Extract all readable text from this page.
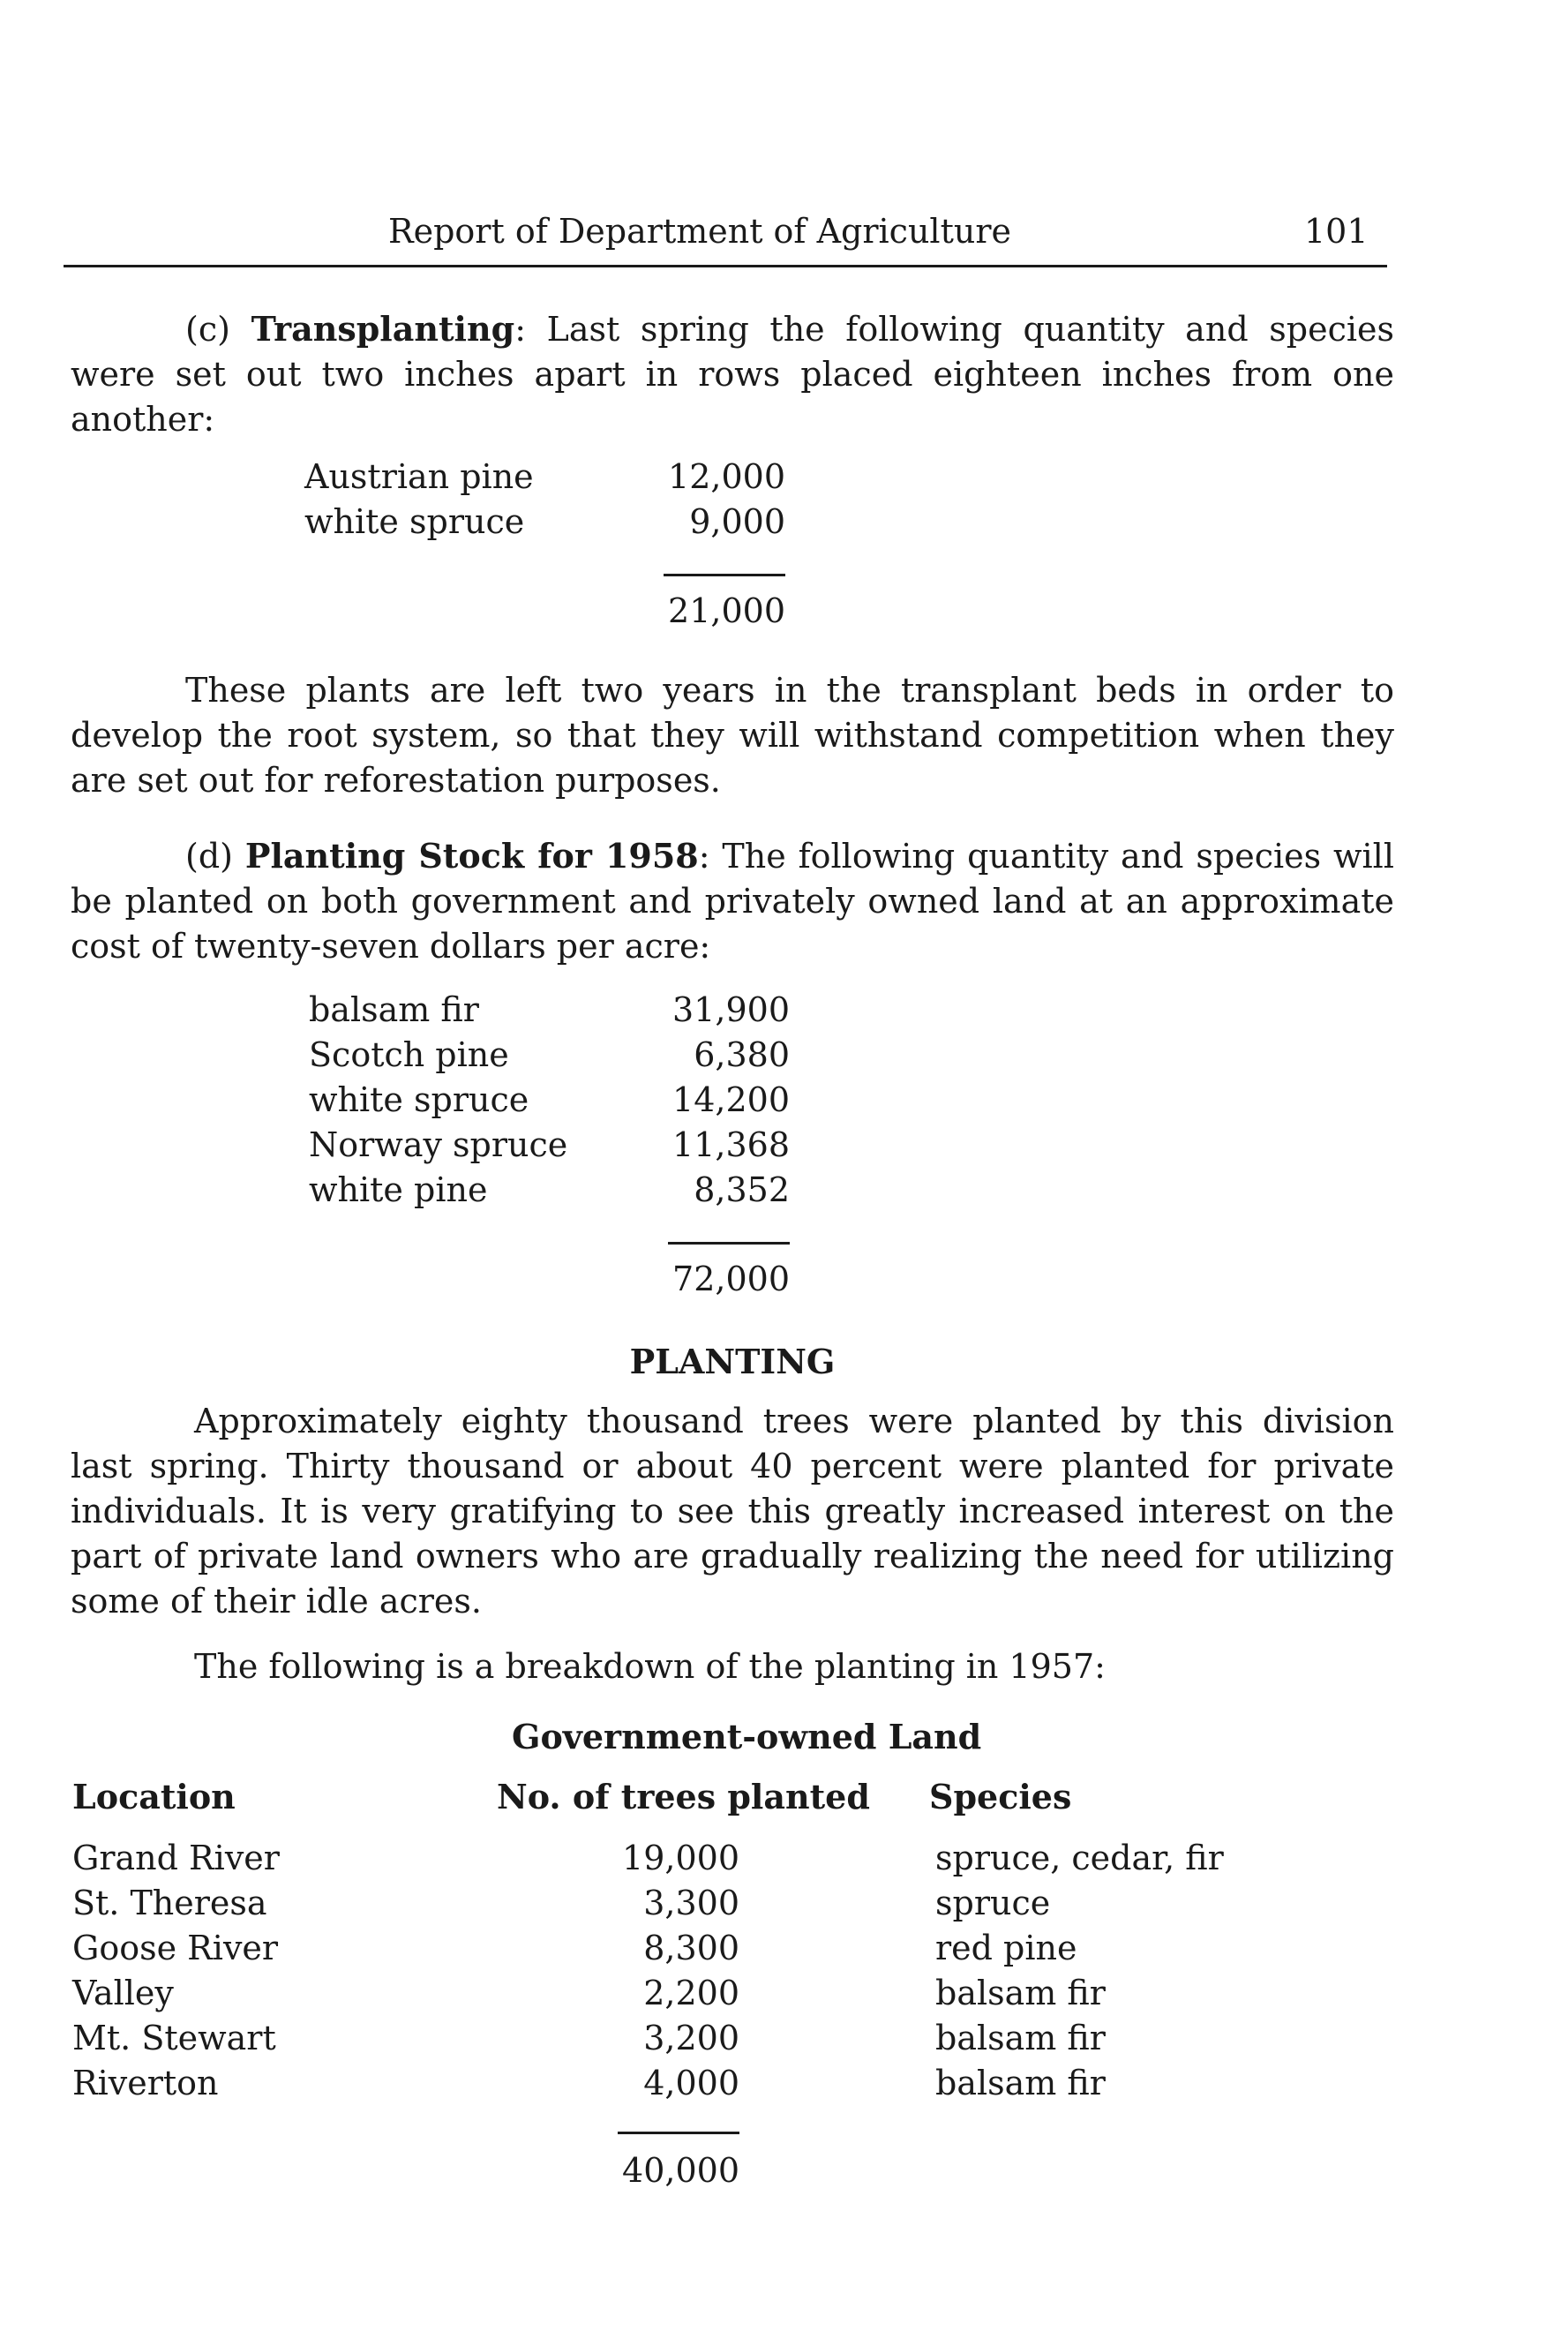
Report of Department of Agriculture	101
(c) Transplanting: Last spring the following quantity and species were set out two inches apart in rows placed eighteen inches from one another:
Austrian pine	12,000
white spruce	9,000
21,000
These plants are left two years in the transplant beds in order to develop the root system, so that they will withstand competition when they are set out for reforestation purposes.
(d) Planting Stock for 1958: The following quantity and species will be planted on both government and privately owned land at an approximate cost of twenty-seven dollars per acre:
balsam fir	31,900
Scotch pine	6,380
white spruce	14,200
Norway spruce	11,368
white pine	8,352
72,000
PLANTING
Approximately eighty thousand trees were planted by this division last spring. Thirty thousand or about 40 percent were planted for private individuals. It is very gratifying to see this greatly increased interest on the part of private land owners who are gradually realizing the need for utilizing some of their idle acres.
The following is a breakdown of the planting in 1957:
Government-owned Land
Location	No. of trees planted Species
Grand River	19,000	spruce, cedar, fir
St. Theresa	3,300	spruce
Goose River	8,300	red pine
Valley	2,200	balsam fir
Mt. Stewart	3,200	balsam fir
Riverton	4,000	balsam fir
40,000
